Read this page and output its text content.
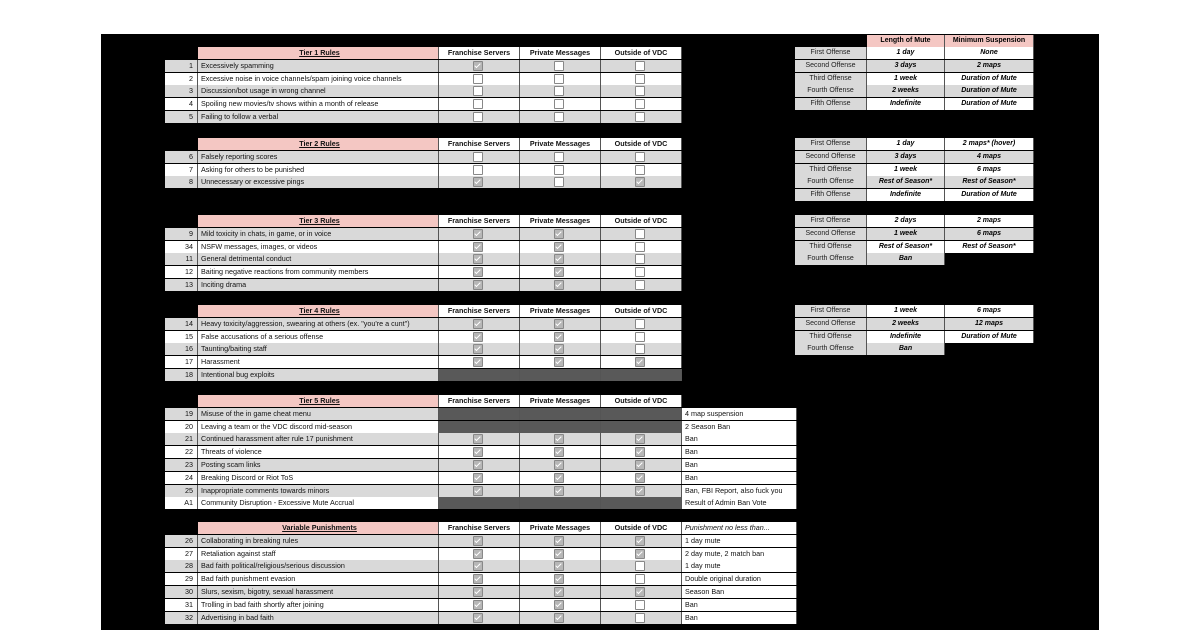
Tier 1 Rules	Franchise Servers	Private Messages	Outside of VDC
1	Excessively spamming
2	Excessive noise in voice channels/spam joining voice channels
3	Discussion/bot usage in wrong channel
4	Spoiling new movies/tv shows within a month of release
5	Failing to follow a verbal
Tier 2 Rules	Franchise Servers	Private Messages	Outside of VDC
6	Falsely reporting scores
7	Asking for others to be punished
8	Unnecessary or excessive pings
Tier 3 Rules	Franchise Servers	Private Messages	Outside of VDC
9	Mild toxicity in chats, in game, or in voice
34	NSFW messages, images, or videos
11	General detrimental conduct
12	Baiting negative reactions from community members
13	Inciting drama
Tier 4 Rules	Franchise Servers	Private Messages	Outside of VDC
14	Heavy toxicity/aggression, swearing at others (ex. "you're a cunt")
15	False accusations of a serious offense
16	Taunting/baiting staff
17	Harassment
18	Intentional bug exploits
Tier 5 Rules	Franchise Servers	Private Messages	Outside of VDC
19	Misuse of the in game cheat menu	4 map suspension
20	Leaving a team or the VDC discord mid-season	2 Season Ban
21	Continued harassment after rule 17 punishment	Ban
22	Threats of violence	Ban
23	Posting scam links	Ban
24	Breaking Discord or Riot ToS	Ban
25	Inappropriate comments towards minors	Ban, FBI Report, also fuck you
A1	Community Disruption - Excessive Mute Accrual	Result of Admin Ban Vote
Variable Punishments	Franchise Servers	Private Messages	Outside of VDC	Punishment no less than...
26	Collaborating in breaking rules	1 day mute
27	Retaliation against staff	2 day mute, 2 match ban
28	Bad faith political/religious/serious discussion	1 day mute
29	Bad faith punishment evasion	Double original duration
30	Slurs, sexism, bigotry, sexual harassment	Season Ban
31	Trolling in bad faith shortly after joining	Ban
32	Advertising in bad faith	Ban
Length of Mute	Minimum Suspension
First Offense	1 day	None
Second Offense	3 days	2 maps
Third Offense	1 week	Duration of Mute
Fourth Offense	2 weeks	Duration of Mute
Fifth Offense	Indefinite	Duration of Mute
First Offense	1 day	2 maps* (hover)
Second Offense	3 days	4 maps
Third Offense	1 week	6 maps
Fourth Offense	Rest of Season*	Rest of Season*
Fifth Offense	Indefinite	Duration of Mute
First Offense	2 days	2 maps
Second Offense	1 week	6 maps
Third Offense	Rest of Season*	Rest of Season*
Fourth Offense	Ban
First Offense	1 week	6 maps
Second Offense	2 weeks	12 maps
Third Offense	Indefinite	Duration of Mute
Fourth Offense	Ban
